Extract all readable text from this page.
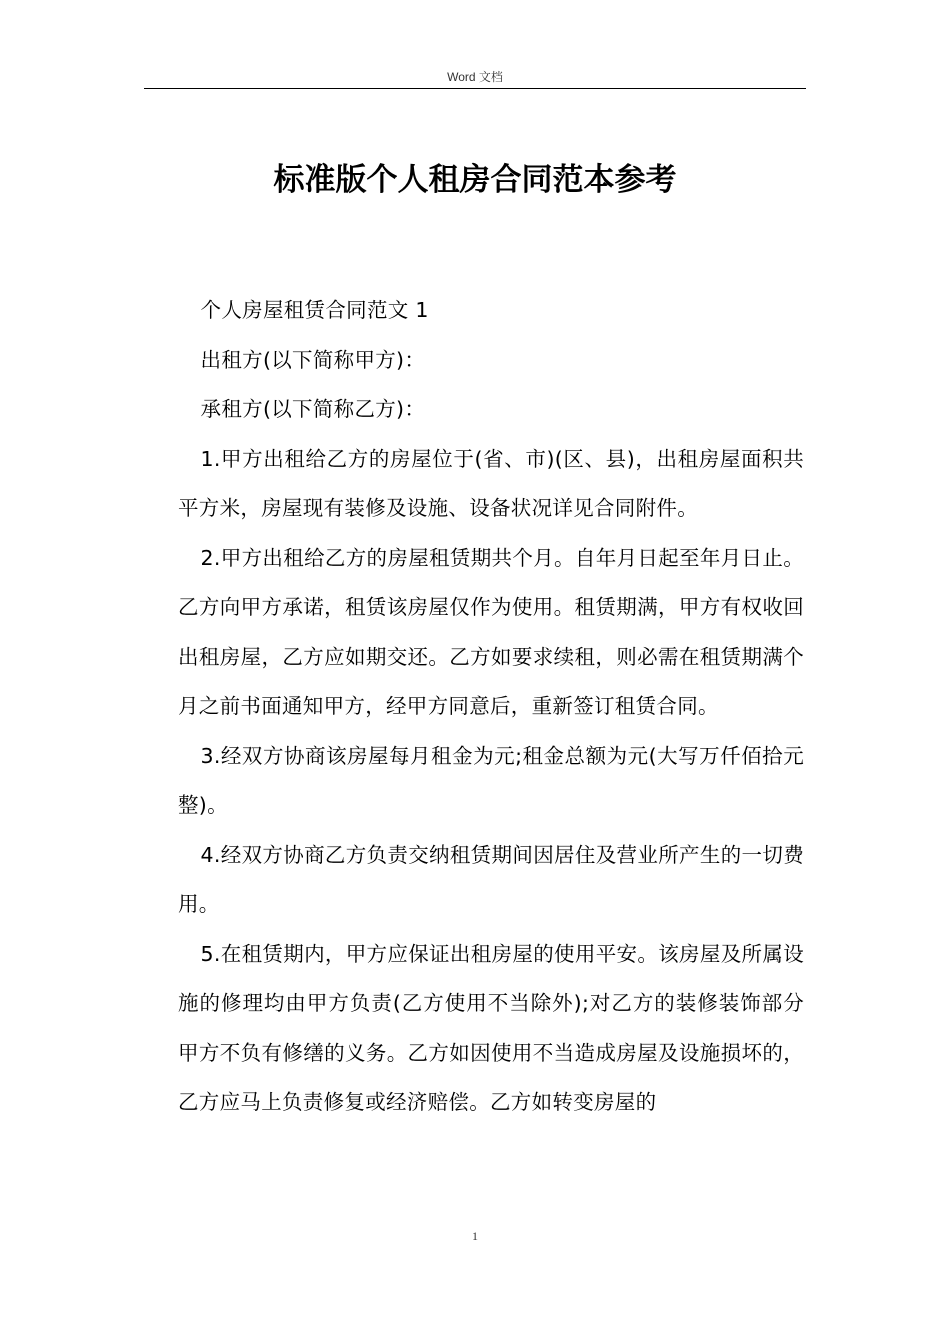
Word 文档
标准版个人租房合同范本参考

个人房屋租赁合同范文 1

出租方(以下简称甲方)：

承租方(以下简称乙方)：

1.甲方出租给乙方的房屋位于(省、市)(区、县)，出租房屋面积共平方米，房屋现有装修及设施、设备状况详见合同附件。

2.甲方出租给乙方的房屋租赁期共个月。自年月日起至年月日止。乙方向甲方承诺，租赁该房屋仅作为使用。租赁期满，甲方有权收回出租房屋，乙方应如期交还。乙方如要求续租，则必需在租赁期满个月之前书面通知甲方，经甲方同意后，重新签订租赁合同。

3.经双方协商该房屋每月租金为元;租金总额为元(大写万仟佰拾元整)。

4.经双方协商乙方负责交纳租赁期间因居住及营业所产生的一切费用。

5.在租赁期内，甲方应保证出租房屋的使用平安。该房屋及所属设施的修理均由甲方负责(乙方使用不当除外);对乙方的装修装饰部分甲方不负有修缮的义务。乙方如因使用不当造成房屋及设施损坏的，乙方应马上负责修复或经济赔偿。乙方如转变房屋的

1
